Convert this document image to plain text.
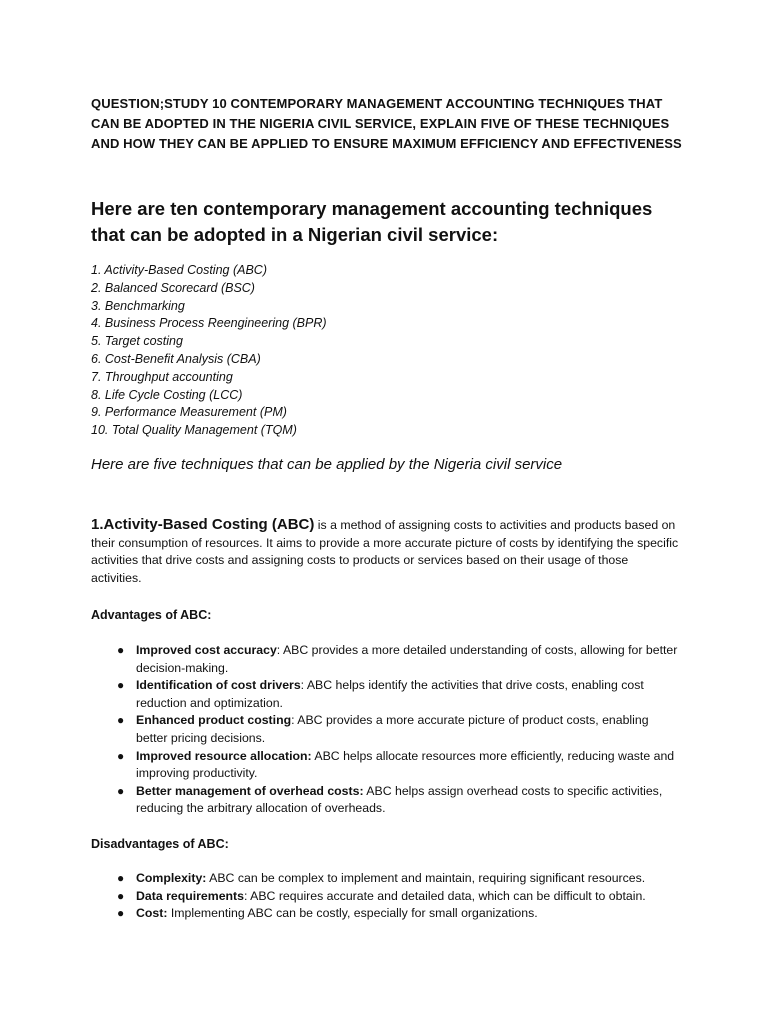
QUESTION;STUDY 10 CONTEMPORARY MANAGEMENT ACCOUNTING TECHNIQUES THAT CAN BE ADOPTED IN THE NIGERIA CIVIL SERVICE, EXPLAIN FIVE OF THESE TECHNIQUES AND HOW THEY CAN BE APPLIED TO ENSURE MAXIMUM EFFICIENCY AND EFFECTIVENESS
Here are ten contemporary management accounting techniques that can be adopted in a Nigerian civil service:
1. Activity-Based Costing (ABC)
2. Balanced Scorecard (BSC)
3. Benchmarking
4. Business Process Reengineering (BPR)
5. Target costing
6. Cost-Benefit Analysis (CBA)
7. Throughput accounting
8. Life Cycle Costing (LCC)
9. Performance Measurement (PM)
10. Total Quality Management (TQM)
Here are five techniques that can be applied by the Nigeria civil service

1.Activity-Based Costing (ABC) is a method of assigning costs to activities and products based on their consumption of resources. It aims to provide a more accurate picture of costs by identifying the specific activities that drive costs and assigning costs to products or services based on their usage of those activities.

Advantages of ABC:
● Improved cost accuracy: ABC provides a more detailed understanding of costs, allowing for better decision-making.
● Identification of cost drivers: ABC helps identify the activities that drive costs, enabling cost reduction and optimization.
● Enhanced product costing: ABC provides a more accurate picture of product costs, enabling better pricing decisions.
● Improved resource allocation: ABC helps allocate resources more efficiently, reducing waste and improving productivity.
● Better management of overhead costs: ABC helps assign overhead costs to specific activities, reducing the arbitrary allocation of overheads.
Disadvantages of ABC:
● Complexity: ABC can be complex to implement and maintain, requiring significant resources.
● Data requirements: ABC requires accurate and detailed data, which can be difficult to obtain.
● Cost: Implementing ABC can be costly, especially for small organizations.
